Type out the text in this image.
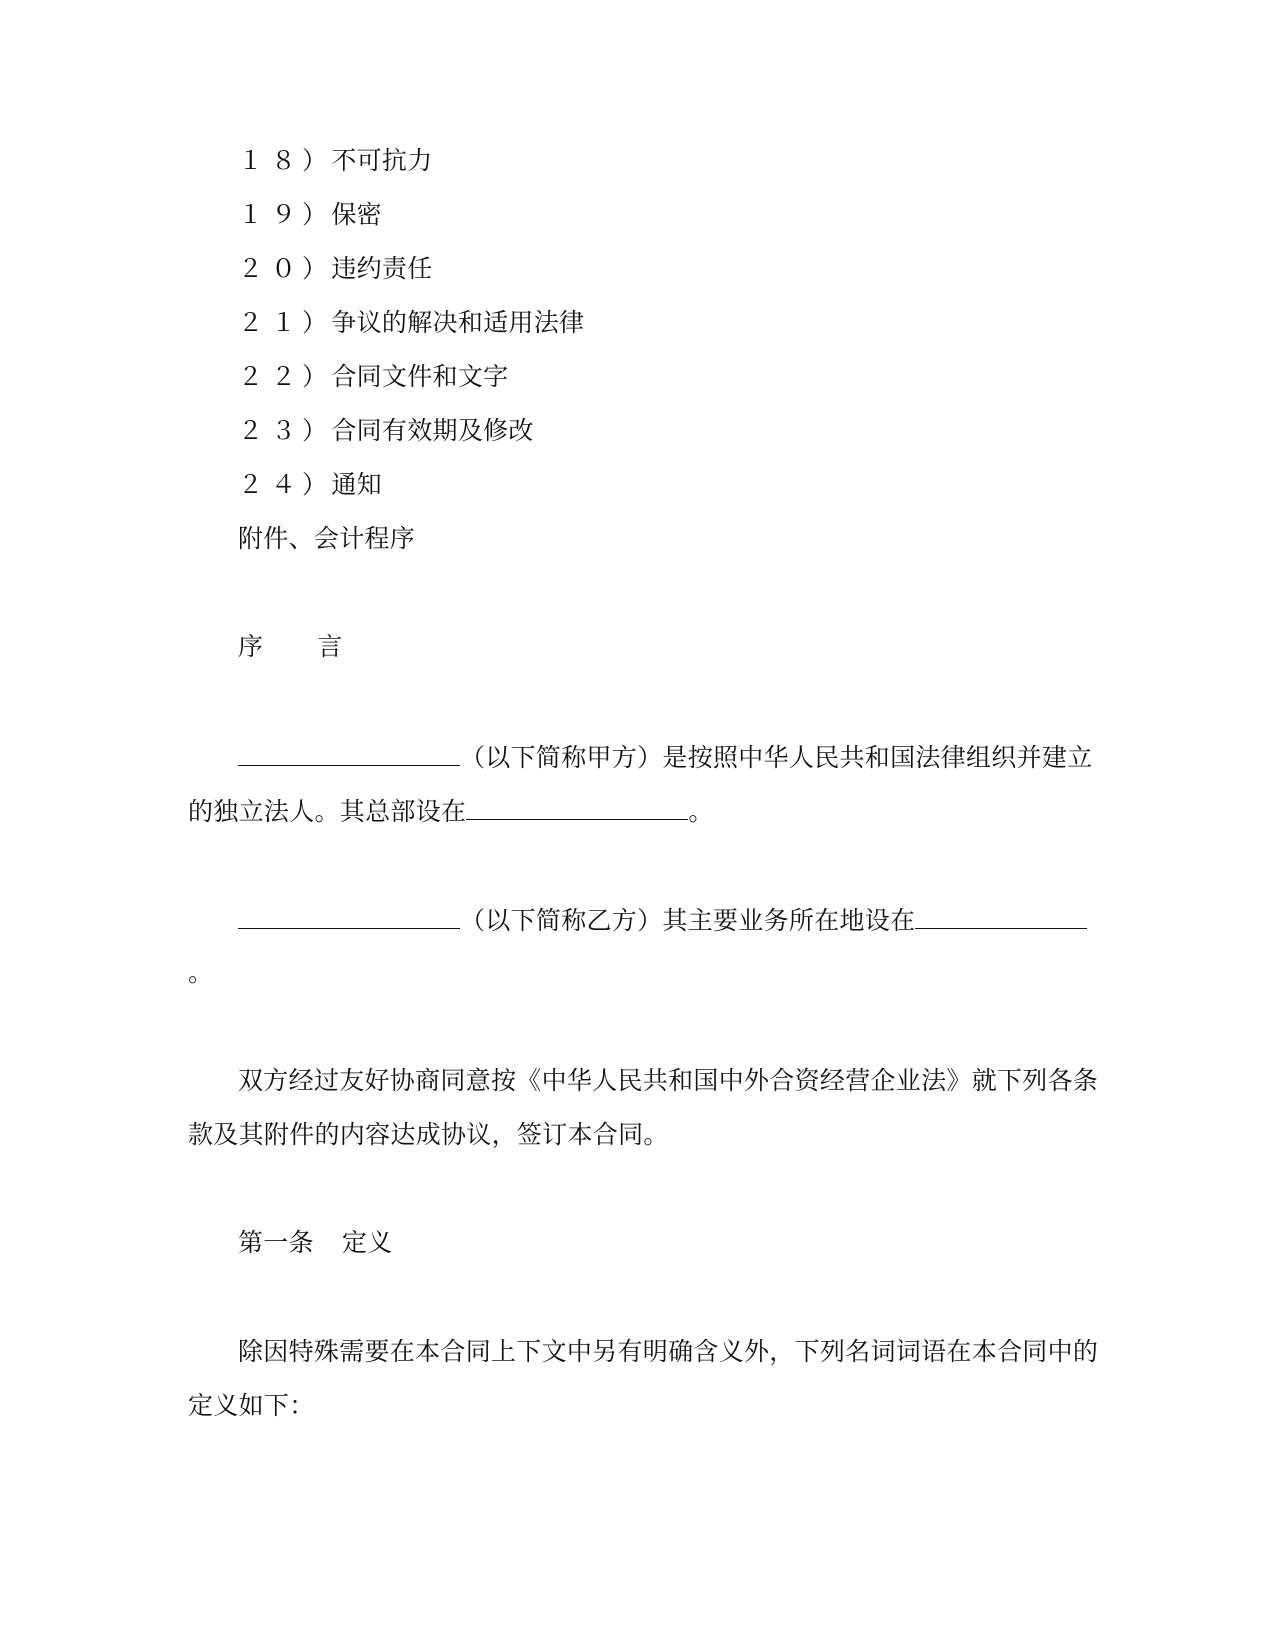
１８） 不可抗力
１９） 保密
２０） 违约责任
２１） 争议的解决和适用法律
２２） 合同文件和文字
２３） 合同有效期及修改
２４） 通知
附件、会计程序
序 言
（以下简称甲方）是按照中华人民共和国法律组织并建立
的独立法人。其总部设在	。
（以下简称乙方）其主要业务所在地设在
。
双方经过友好协商同意按《中华人民共和国中外合资经营企业法》就下列各条
款及其附件的内容达成协议，签订本合同。
第一条 定义
除因特殊需要在本合同上下文中另有明确含义外，下列名词词语在本合同中的
定义如下：
